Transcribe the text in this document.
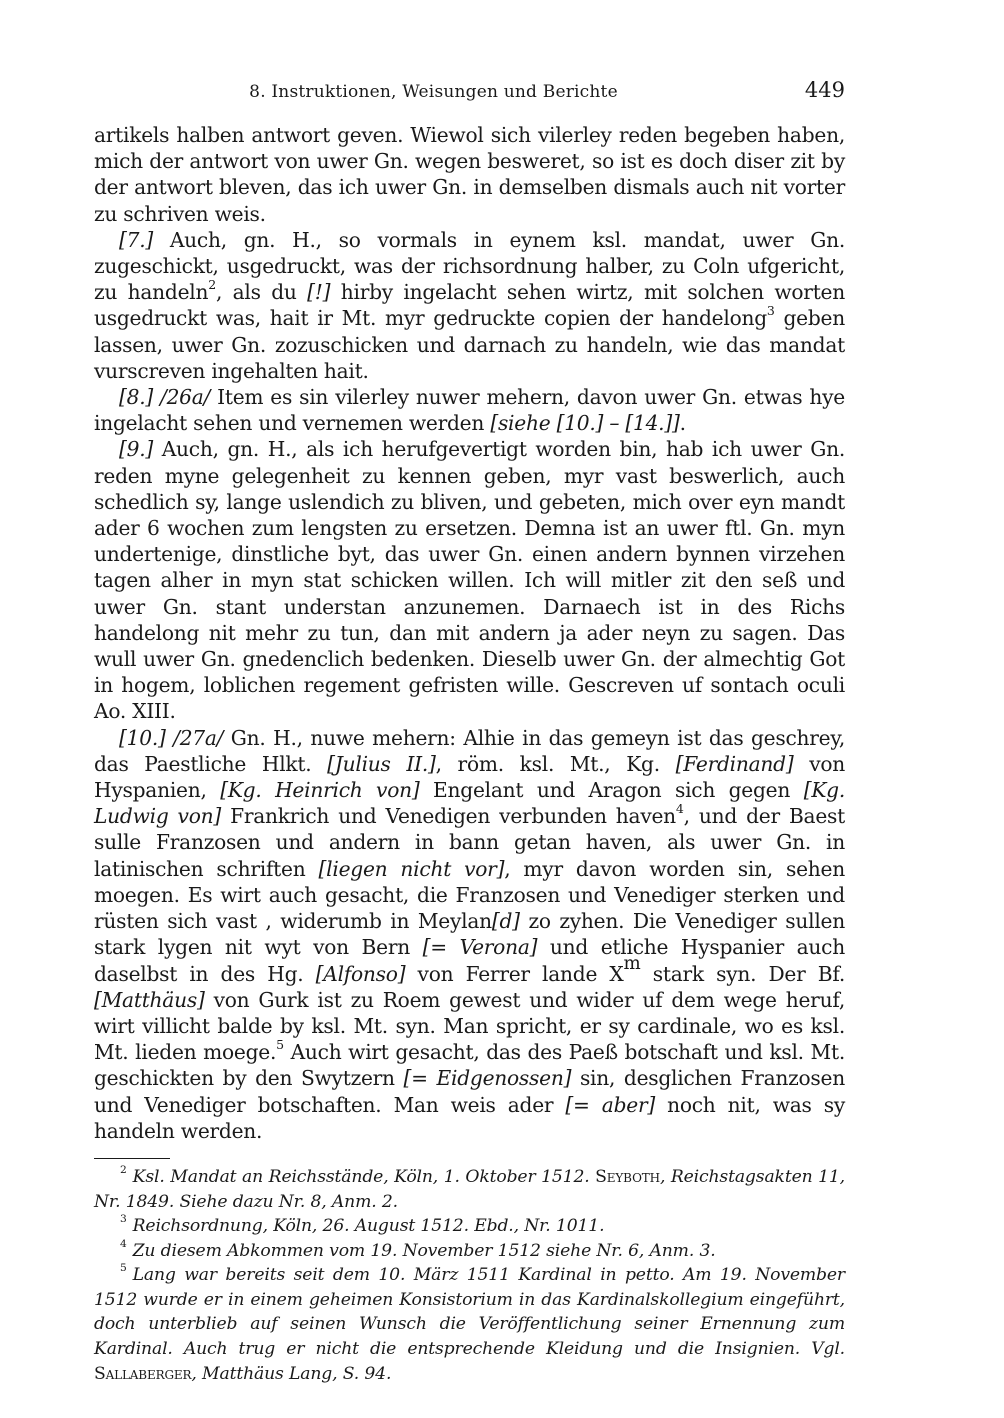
8. Instruktionen, Weisungen und Berichte	449

artikels halben antwort geven. Wiewol sich vilerley reden begeben haben, mich der antwort von uwer Gn. wegen besweret, so ist es doch diser zit by der antwort bleven, das ich uwer Gn. in demselben dismals auch nit vorter zu schriven weis.

[7.] Auch, gn. H., so vormals in eynem ksl. mandat, uwer Gn. zugeschickt, usgedruckt, was der richsordnung halber, zu Coln ufgericht, zu handeln$^2$, als du [!] hirby ingelacht sehen wirtz, mit solchen worten usgedruckt was, hait ir Mt. myr gedruckte copien der handelong$^3$ geben lassen, uwer Gn. zozuschicken und darnach zu handeln, wie das mandat vurscreven ingehalten hait.

[8.] /26a/ Item es sin vilerley nuwer mehern, davon uwer Gn. etwas hye ingelacht sehen und vernemen werden [siehe [10.] – [14.]].

[9.] Auch, gn. H., als ich herufgevertigt worden bin, hab ich uwer Gn. reden myne gelegenheit zu kennen geben, myr vast beswerlich, auch schedlich sy, lange uslendich zu bliven, und gebeten, mich over eyn mandt ader 6 wochen zum lengsten zu ersetzen. Demna ist an uwer ftl. Gn. myn undertenige, dinstliche byt, das uwer Gn. einen andern bynnen virzehen tagen alher in myn stat schicken willen. Ich will mitler zit den seß und uwer Gn. stant understan anzunemen. Darnaech ist in des Richs handelong nit mehr zu tun, dan mit andern ja ader neyn zu sagen. Das wull uwer Gn. gnedenclich bedenken. Dieselb uwer Gn. der almechtig Got in hogem, loblichen regement gefristen wille. Gescreven uf sontach oculi Ao. XIII.

[10.] /27a/ Gn. H., nuwe mehern: Alhie in das gemeyn ist das geschrey, das Paestliche Hlkt. [Julius II.], röm. ksl. Mt., Kg. [Ferdinand] von Hyspanien, [Kg. Heinrich von] Engelant und Aragon sich gegen [Kg. Ludwig von] Frankrich und Venedigen verbunden haven$^4$, und der Baest sulle Franzosen und andern in bann getan haven, als uwer Gn. in latinischen schriften [liegen nicht vor], myr davon worden sin, sehen moegen. Es wirt auch gesacht, die Franzosen und Venediger sterken und rüsten sich vast , widerumb in Meylan[d] zo zyhen. Die Venediger sullen stark lygen nit wyt von Bern [= Verona] und etliche Hyspanier auch daselbst in des Hg. [Alfonso] von Ferrer lande $X^m$ stark syn. Der Bf. [Matthäus] von Gurk ist zu Roem gewest und wider uf dem wege heruf, wirt villicht balde by ksl. Mt. syn. Man spricht, er sy cardinale, wo es ksl. Mt. lieden moege.$^5$ Auch wirt gesacht, das des Paeß botschaft und ksl. Mt. geschickten by den Swytzern [= Eidgenossen] sin, desglichen Franzosen und Venediger botschaften. Man weis ader [= aber] noch nit, was sy handeln werden.

$^2$ Ksl. Mandat an Reichsstände, Köln, 1. Oktober 1512. Seyboth, Reichstagsakten 11, Nr. 1849. Siehe dazu Nr. 8, Anm. 2.

$^3$ Reichsordnung, Köln, 26. August 1512. Ebd., Nr. 1011.

$^4$ Zu diesem Abkommen vom 19. November 1512 siehe Nr. 6, Anm. 3.

$^5$ Lang war bereits seit dem 10. März 1511 Kardinal in petto. Am 19. November 1512 wurde er in einem geheimen Konsistorium in das Kardinalskollegium eingeführt, doch unterblieb auf seinen Wunsch die Veröffentlichung seiner Ernennung zum Kardinal. Auch trug er nicht die entsprechende Kleidung und die Insignien. Vgl. Sallaberger, Matthäus Lang, S. 94.
